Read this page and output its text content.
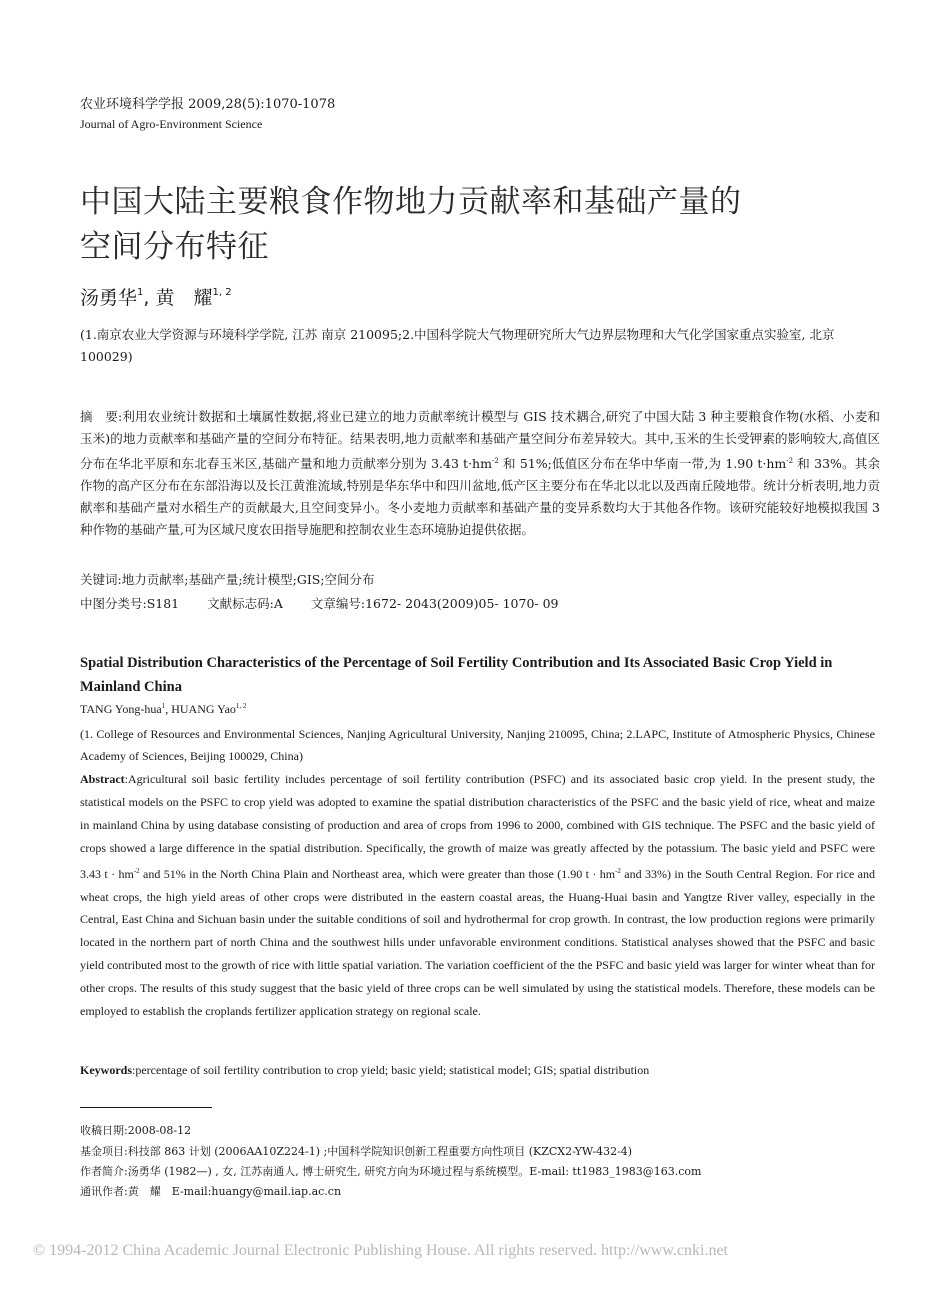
农业环境科学学报 2009,28(5):1070-1078
Journal of Agro-Environment Science
中国大陆主要粮食作物地力贡献率和基础产量的
空间分布特征
汤勇华$^1$, 黄　耀$^{1, 2}$
(1.南京农业大学资源与环境科学学院, 江苏 南京 210095;2.中国科学院大气物理研究所大气边界层物理和大气化学国家重点实验室, 北京 100029)
摘　要:利用农业统计数据和土壤属性数据,将业已建立的地力贡献率统计模型与 GIS 技术耦合,研究了中国大陆 3 种主要粮食作物(水稻、小麦和玉米)的地力贡献率和基础产量的空间分布特征。结果表明,地力贡献率和基础产量空间分布差异较大。其中,玉米的生长受钾素的影响较大,高值区分布在华北平原和东北春玉米区,基础产量和地力贡献率分别为 3.43 $t\cdot hm^{-2}$ 和 51%;低值区分布在华中华南一带,为 1.90 $t\cdot hm^{-2}$ 和 33%。其余作物的高产区分布在东部沿海以及长江黄淮流域,特别是华东华中和四川盆地,低产区主要分布在华北以北以及西南丘陵地带。统计分析表明,地力贡献率和基础产量对水稻生产的贡献最大,且空间变异小。冬小麦地力贡献率和基础产量的变异系数均大于其他各作物。该研究能较好地模拟我国 3 种作物的基础产量,可为区域尺度农田指导施肥和控制农业生态环境胁迫提供依据。
关键词:地力贡献率;基础产量;统计模型;GIS;空间分布
中图分类号:S181 文献标志码:A 文章编号:1672- 2043(2009)05- 1070- 09
Spatial Distribution Characteristics of the Percentage of Soil Fertility Contribution and Its Associated Basic Crop Yield in Mainland China
TANG Yong-hua$^1$, HUANG Yao$^{1, 2}$
(1. College of Resources and Environmental Sciences, Nanjing Agricultural University, Nanjing 210095, China; 2.LAPC, Institute of Atmospheric Physics, Chinese Academy of Sciences, Beijing 100029, China)
Abstract:Agricultural soil basic fertility includes percentage of soil fertility contribution (PSFC) and its associated basic crop yield. In the present study, the statistical models on the PSFC to crop yield was adopted to examine the spatial distribution characteristics of the PSFC and the basic yield of rice, wheat and maize in mainland China by using database consisting of production and area of crops from 1996 to 2000, combined with GIS technique. The PSFC and the basic yield of crops showed a large difference in the spatial distribution. Specifically, the growth of maize was greatly affected by the potassium. The basic yield and PSFC were 3.43 $t \cdot hm^{-2}$ and 51% in the North China Plain and Northeast area, which were greater than those (1.90 $t \cdot hm^{-2}$ and 33%) in the South Central Region. For rice and wheat crops, the high yield areas of other crops were distributed in the eastern coastal areas, the Huang-Huai basin and Yangtze River valley, especially in the Central, East China and Sichuan basin under the suitable conditions of soil and hydrothermal for crop growth. In contrast, the low production regions were primarily located in the northern part of north China and the southwest hills under unfavorable environment conditions. Statistical analyses showed that the PSFC and basic yield contributed most to the growth of rice with little spatial variation. The variation coefficient of the the PSFC and basic yield was larger for winter wheat than for other crops. The results of this study suggest that the basic yield of three crops can be well simulated by using the statistical models. Therefore, these models can be employed to establish the croplands fertilizer application strategy on regional scale.
Keywords:percentage of soil fertility contribution to crop yield; basic yield; statistical model; GIS; spatial distribution
收稿日期:2008-08-12
基金项目:科技部 863 计划 (2006AA10Z224-1) ;中国科学院知识创新工程重要方向性项目 (KZCX2-YW-432-4)
作者简介:汤勇华 (1982—) , 女, 江苏南通人, 博士研究生, 研究方向为环境过程与系统模型。E-mail: tt1983_1983@163.com
通讯作者:黄　耀　E-mail:huangy@mail.iap.ac.cn
© 1994-2012 China Academic Journal Electronic Publishing House. All rights reserved. http://www.cnki.net
